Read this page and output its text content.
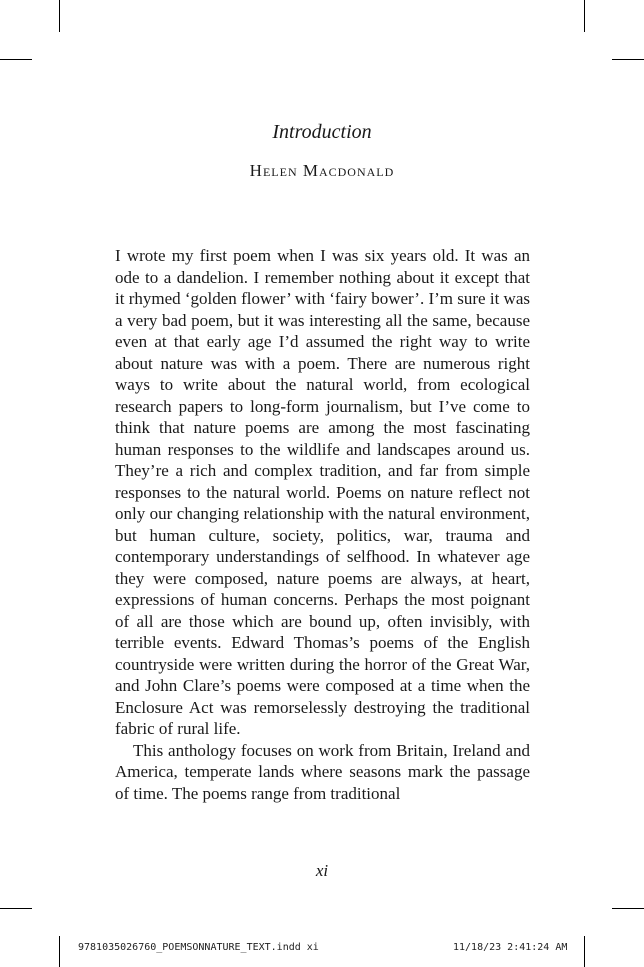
Introduction
Helen Macdonald

I wrote my first poem when I was six years old. It was an ode to a dandelion. I remember nothing about it except that it rhymed ‘golden flower’ with ‘fairy bower’. I’m sure it was a very bad poem, but it was interesting all the same, because even at that early age I’d assumed the right way to write about nature was with a poem. There are numerous right ways to write about the natural world, from ecological research papers to long-form journalism, but I’ve come to think that nature poems are among the most fascinating human responses to the wildlife and landscapes around us. They’re a rich and complex tradition, and far from simple responses to the natural world. Poems on nature reflect not only our changing relationship with the natural environment, but human culture, society, politics, war, trauma and contemporary understandings of selfhood. In whatever age they were composed, nature poems are always, at heart, expressions of human concerns. Perhaps the most poignant of all are those which are bound up, often invisibly, with terrible events. Edward Thomas’s poems of the English countryside were written during the horror of the Great War, and John Clare’s poems were composed at a time when the Enclosure Act was remorselessly destroying the traditional fabric of rural life.

This anthology focuses on work from Britain, Ireland and America, temperate lands where seasons mark the passage of time. The poems range from traditional

xi
9781035026760_POEMSONNATURE_TEXT.indd xi	11/18/23 2:41:24 AM
